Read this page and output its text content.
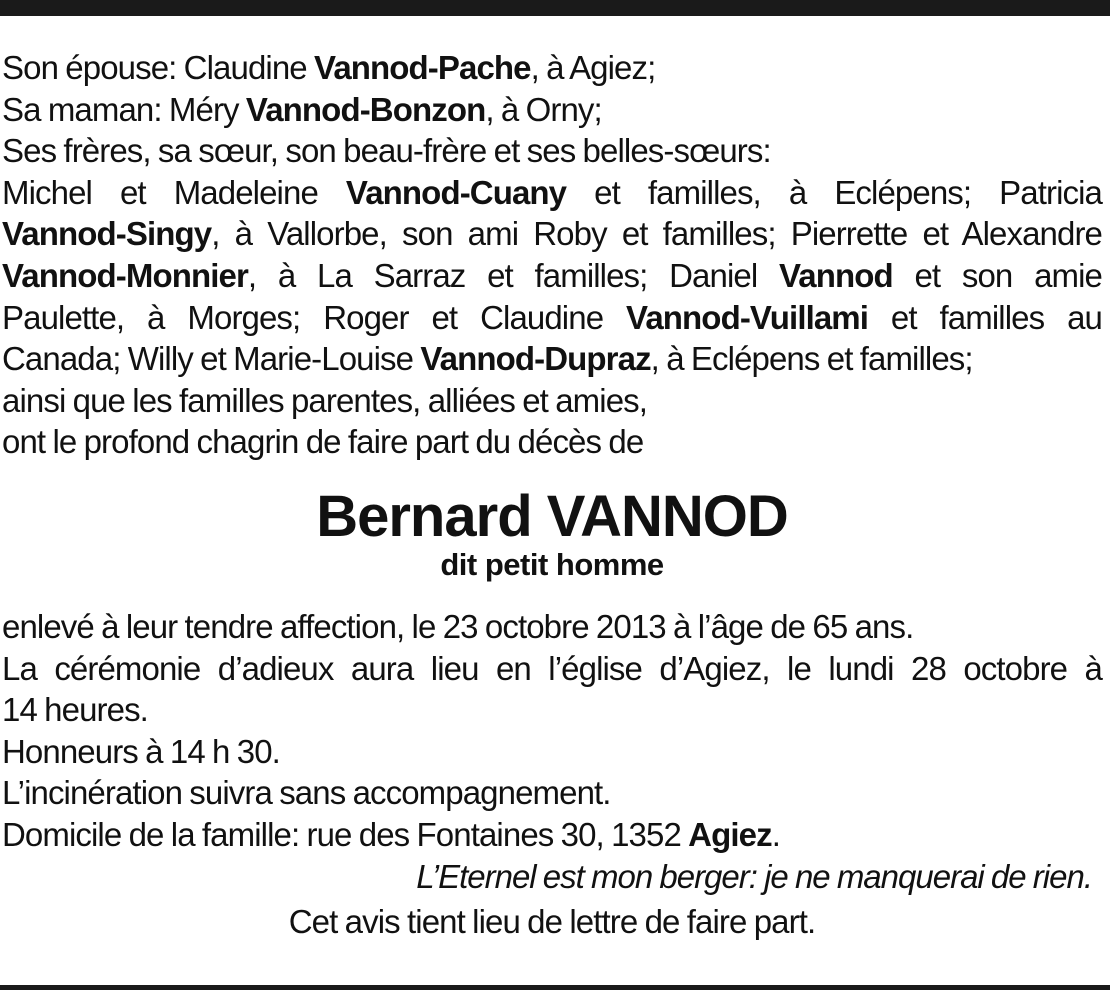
Son épouse: Claudine Vannod-Pache, à Agiez;
Sa maman: Méry Vannod-Bonzon, à Orny;
Ses frères, sa sœur, son beau-frère et ses belles-sœurs:
Michel et Madeleine Vannod-Cuany et familles, à Eclépens; Patricia
Vannod-Singy, à Vallorbe, son ami Roby et familles; Pierrette et Alexandre
Vannod-Monnier, à La Sarraz et familles; Daniel Vannod et son amie
Paulette, à Morges; Roger et Claudine Vannod-Vuillami et familles au
Canada; Willy et Marie-Louise Vannod-Dupraz, à Eclépens et familles;
ainsi que les familles parentes, alliées et amies,
ont le profond chagrin de faire part du décès de
Bernard VANNOD
dit petit homme
enlevé à leur tendre affection, le 23 octobre 2013 à l’âge de 65 ans.
La cérémonie d’adieux aura lieu en l’église d’Agiez, le lundi 28 octobre à
14 heures.
Honneurs à 14 h 30.
L’incinération suivra sans accompagnement.
Domicile de la famille: rue des Fontaines 30, 1352 Agiez.
L’Eternel est mon berger: je ne manquerai de rien.
Cet avis tient lieu de lettre de faire part.
